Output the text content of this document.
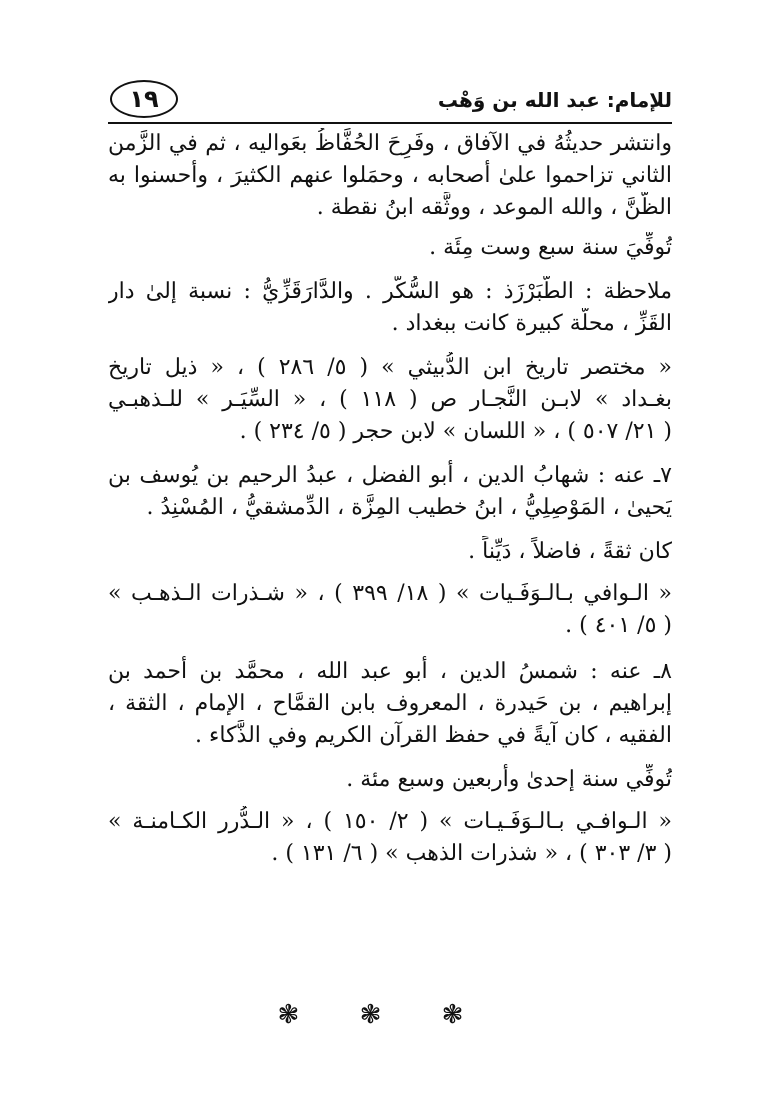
١٩	للإمام: عبد الله بن وَهْب
وانتشر حديثُهُ في الآفاق ، وفَرِحَ الحُفَّاظُ بعَواليه ، ثم في الزَّمن
الثاني تزاحموا علىٰ أصحابه ، وحمَلوا عنهم الكثيرَ ، وأحسنوا به
الظَّنَّ ، والله الموعد ، ووثَّقه ابنُ نقطة .
تُوفِّيَ سنة سبع وست مِئَة .
ملاحظة : الطَّبَرْزَذ : هو السُّكَّر . والدَّارَقَزِّيُّ : نسبة إلىٰ دار
القَزِّ ، محلَّة كبيرة كانت ببغداد .
« مختصر تاريخ ابن الدُّبيثي » ( ٥/ ٢٨٦ ) ، « ذيل تاريخ
بغـداد » لابـن النَّجـار ص ( ١١٨ ) ، « السِّيَـر » للـذهبـي
( ٢١/ ٥٠٧ ) ، « اللسان » لابن حجر ( ٥/ ٢٣٤ ) .
٧ـ عنه : شهابُ الدين ، أبو الفضل ، عبدُ الرحيم بن يُوسف بن
يَحيىٰ ، المَوْصِلِيُّ ، ابنُ خطيب المِزَّة ، الدِّمشقيُّ ، المُسْنِدُ .
كان ثقةً ، فاضلاً ، دَيِّناً .
« الـوافي بـالـوَفَـيات » ( ١٨/ ٣٩٩ ) ، « شـذرات الـذهـب »
( ٥/ ٤٠١ ) .
٨ـ عنه : شمسُ الدين ، أبو عبد الله ، محمَّد بن أحمد بن
إبراهيم ، بن حَيدرة ، المعروف بابن القمَّاح ، الإمام ، الثقة ،
الفقيه ، كان آيةً في حفظ القرآن الكريم وفي الذَّكاء .
تُوفِّي سنة إحدىٰ وأربعين وسبع مئة .
« الـوافـي بـالـوَفَـيـات » ( ٢/ ١٥٠ ) ، « الـدُّرر الكـامنـة »
( ٣/ ٣٠٣ ) ، « شذرات الذهب » ( ٦/ ١٣١ ) .
❃ ❃ ❃
